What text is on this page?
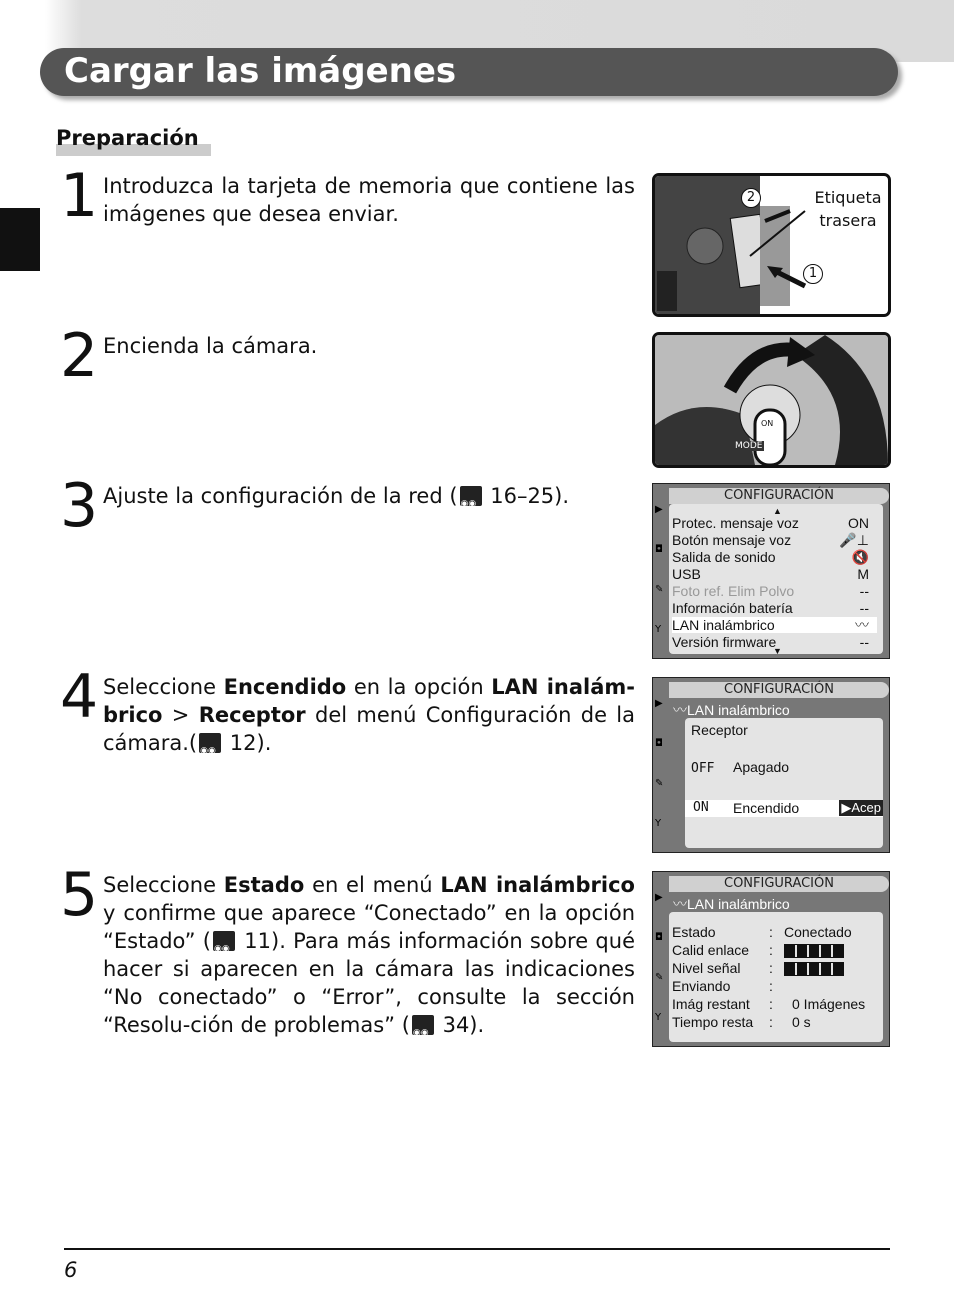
Cargar las imágenes
Preparación
1 Introduzca la tarjeta de memoria que contiene las imágenes que desea enviar.
2 Encienda la cámara.
3 Ajuste la configuración de la red (◉◉ 16–25).
4 Seleccione Encendido en la opción LAN inalám-brico > Receptor del menú Configuración de la cámara.(◉◉ 12).
5 Seleccione Estado en el menú LAN inalámbrico y confirme que aparece “Conectado” en la opción “Estado” (◉◉ 11). Para más información sobre qué hacer si aparecen en la cámara las indicaciones “No conectado” o “Error”, consulte la sección “Resolu-ción de problemas” (◉◉ 34).
Etiqueta trasera
2
1
ON
MODE
▶
◘
✎
Y
CONFIGURACIÓN
▲
Protec. mensaje voz	ON
Botón mensaje voz	🎤⊥
Salida de sonido	🔇
USB	M
Foto ref. Elim Polvo	--
Información batería	--
LAN inalámbrico	〰
Versión firmware	--
▼
▶
◘
✎
Y
CONFIGURACIÓN
〰LAN inalámbrico
Receptor
OFF Apagado
ON Encendido	▶Acep
▶
◘
✎
Y
CONFIGURACIÓN
〰LAN inalámbrico
Estado	: Conectado
Calid enlace :
Nivel señal :
Enviando	:
Imág restant : 0 Imágenes
Tiempo resta : 0 s
6
